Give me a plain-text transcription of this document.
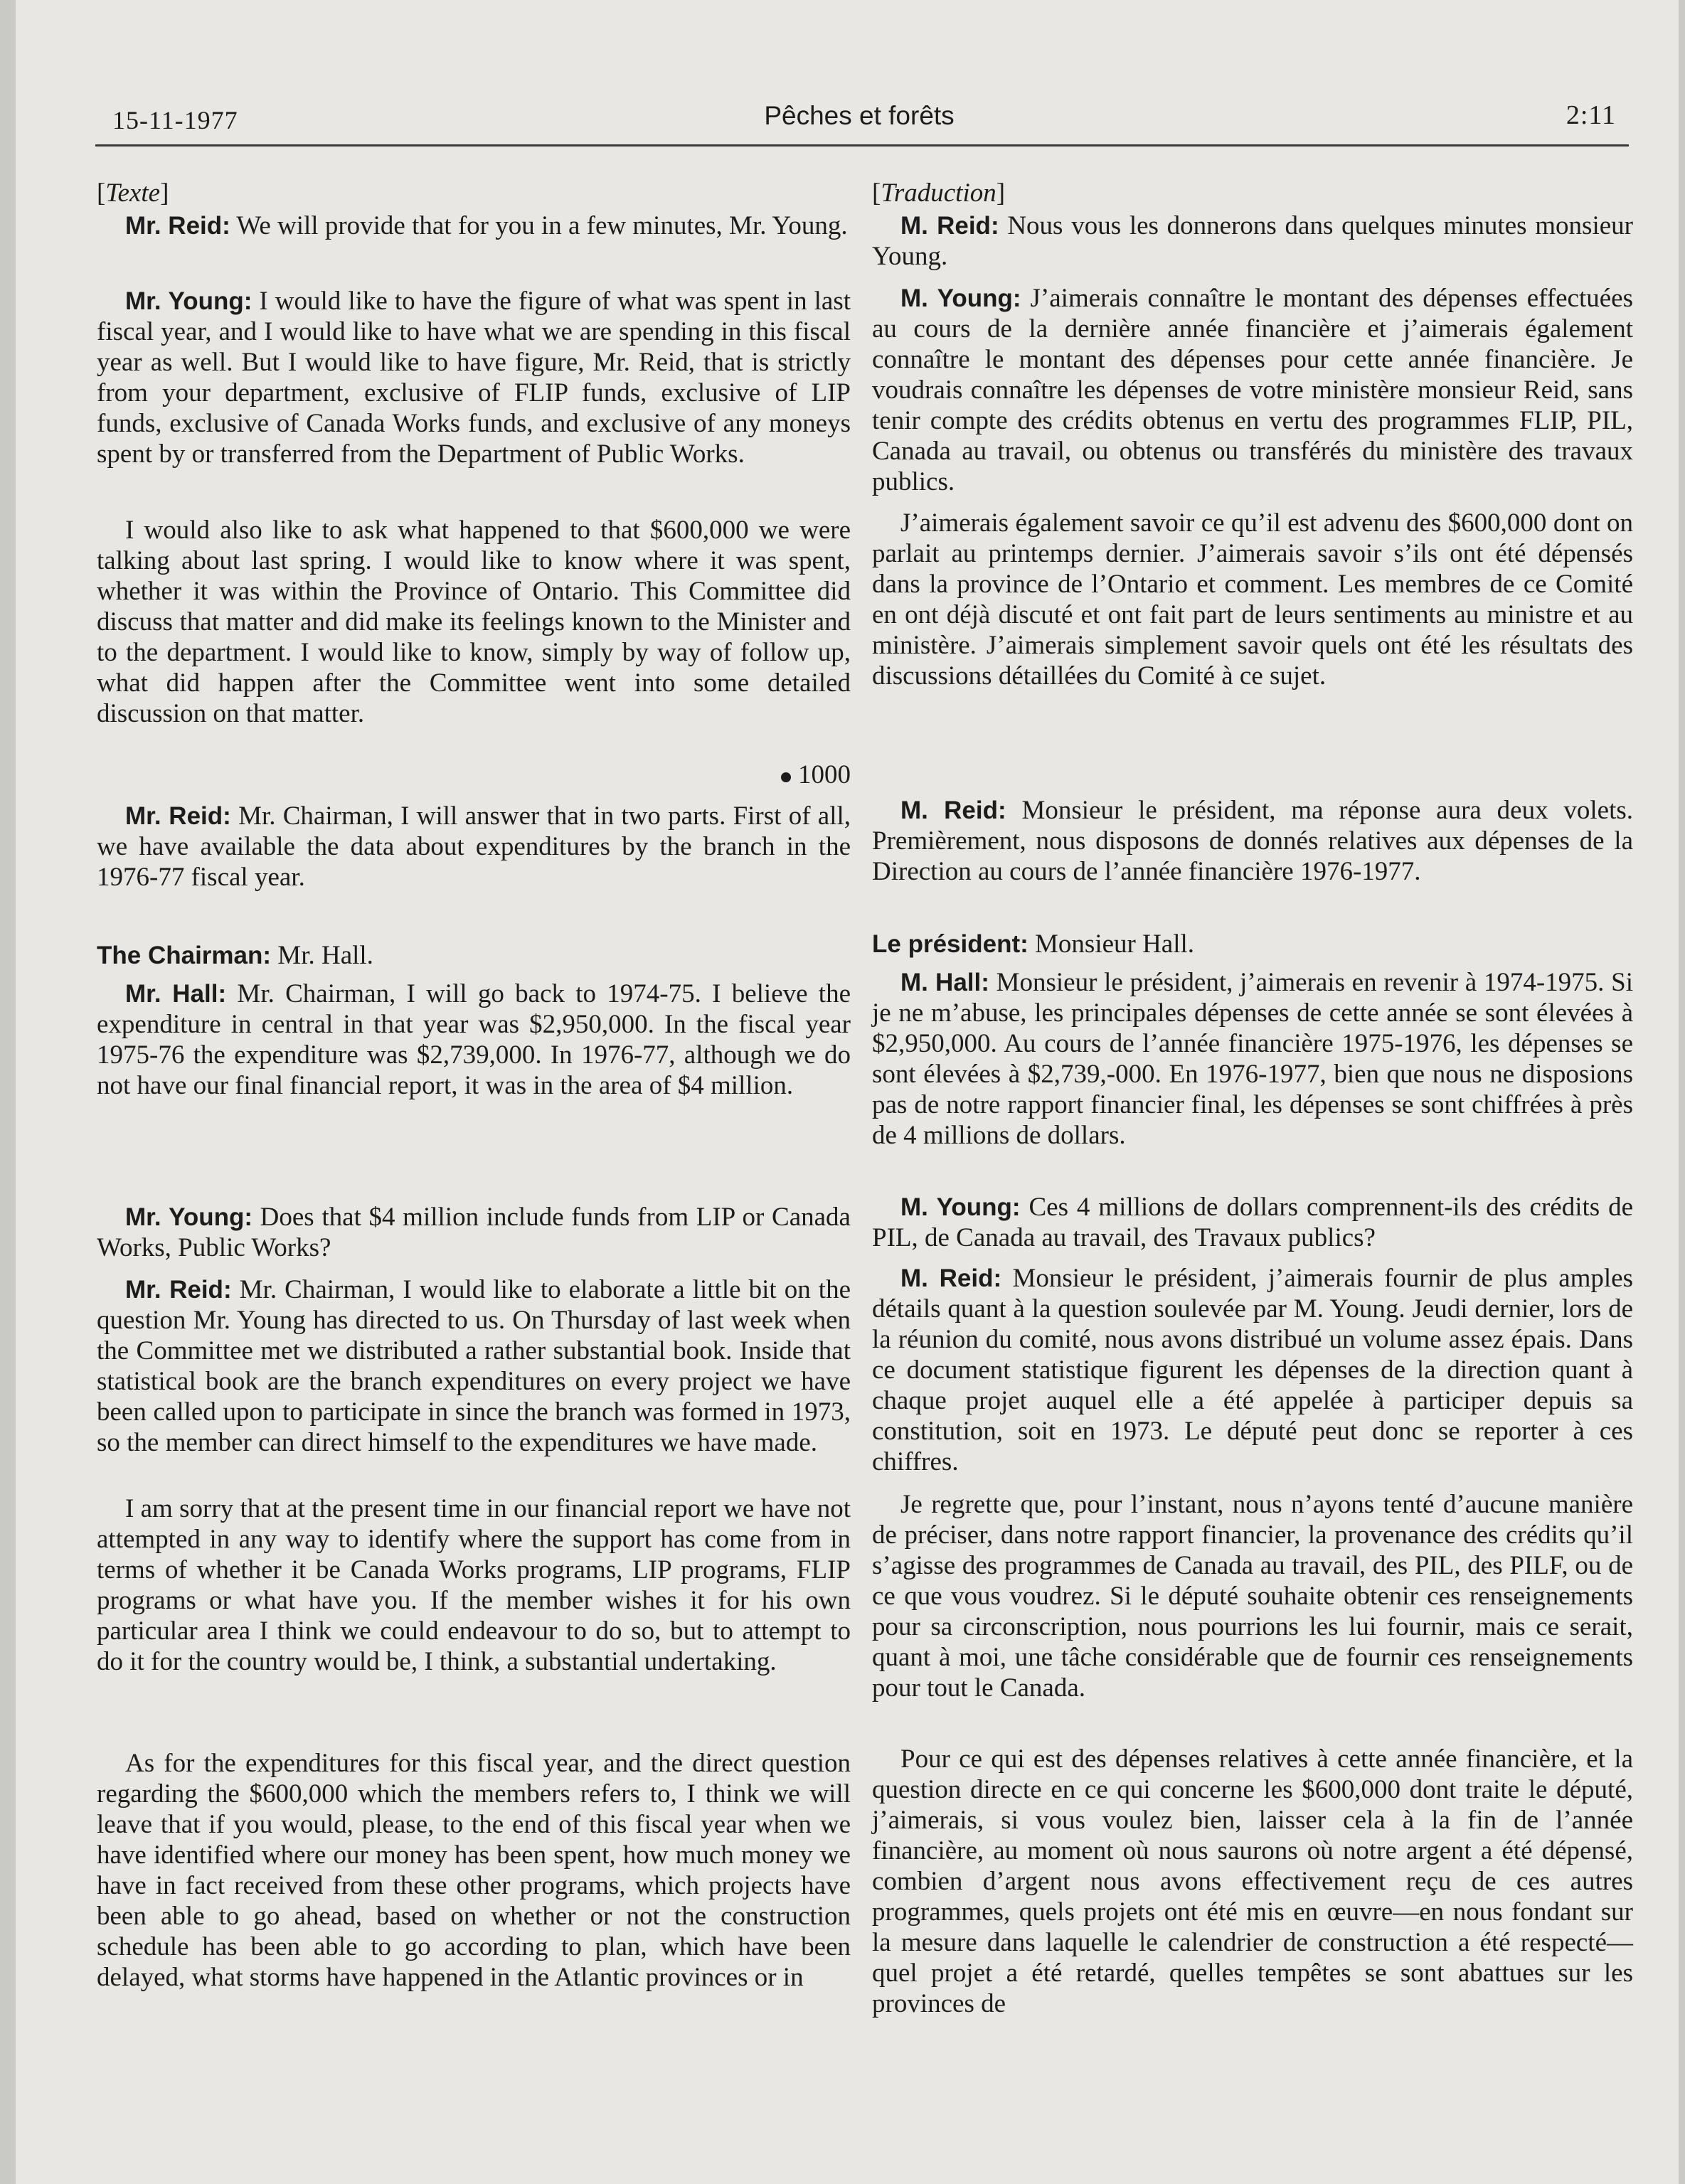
15-11-1977	Pêches et forêts	2:11

[Texte]

Mr. Reid: We will provide that for you in a few minutes, Mr. Young.

Mr. Young: I would like to have the figure of what was spent in last fiscal year, and I would like to have what we are spending in this fiscal year as well. But I would like to have figure, Mr. Reid, that is strictly from your department, exclusive of FLIP funds, exclusive of LIP funds, exclusive of Canada Works funds, and exclusive of any moneys spent by or transferred from the Department of Public Works.

I would also like to ask what happened to that $600,000 we were talking about last spring. I would like to know where it was spent, whether it was within the Province of Ontario. This Committee did discuss that matter and did make its feelings known to the Minister and to the department. I would like to know, simply by way of follow up, what did happen after the Committee went into some detailed discussion on that matter.

1000

Mr. Reid: Mr. Chairman, I will answer that in two parts. First of all, we have available the data about expenditures by the branch in the 1976-77 fiscal year.

The Chairman: Mr. Hall.

Mr. Hall: Mr. Chairman, I will go back to 1974-75. I believe the expenditure in central in that year was $2,950,000. In the fiscal year 1975-76 the expenditure was $2,739,000. In 1976-77, although we do not have our final financial report, it was in the area of $4 million.

Mr. Young: Does that $4 million include funds from LIP or Canada Works, Public Works?

Mr. Reid: Mr. Chairman, I would like to elaborate a little bit on the question Mr. Young has directed to us. On Thursday of last week when the Committee met we distributed a rather substantial book. Inside that statistical book are the branch expenditures on every project we have been called upon to participate in since the branch was formed in 1973, so the member can direct himself to the expenditures we have made.

I am sorry that at the present time in our financial report we have not attempted in any way to identify where the support has come from in terms of whether it be Canada Works programs, LIP programs, FLIP programs or what have you. If the member wishes it for his own particular area I think we could endeavour to do so, but to attempt to do it for the country would be, I think, a substantial undertaking.

As for the expenditures for this fiscal year, and the direct question regarding the $600,000 which the members refers to, I think we will leave that if you would, please, to the end of this fiscal year when we have identified where our money has been spent, how much money we have in fact received from these other programs, which projects have been able to go ahead, based on whether or not the construction schedule has been able to go according to plan, which have been delayed, what storms have happened in the Atlantic provinces or in

[Traduction]

M. Reid: Nous vous les donnerons dans quelques minutes monsieur Young.

M. Young: J’aimerais connaître le montant des dépenses effectuées au cours de la dernière année financière et j’aimerais également connaître le montant des dépenses pour cette année financière. Je voudrais connaître les dépenses de votre ministère monsieur Reid, sans tenir compte des crédits obtenus en vertu des programmes FLIP, PIL, Canada au travail, ou obtenus ou transférés du ministère des travaux publics.

J’aimerais également savoir ce qu’il est advenu des $600,000 dont on parlait au printemps dernier. J’aimerais savoir s’ils ont été dépensés dans la province de l’Ontario et comment. Les membres de ce Comité en ont déjà discuté et ont fait part de leurs sentiments au ministre et au ministère. J’aimerais simplement savoir quels ont été les résultats des discussions détaillées du Comité à ce sujet.

M. Reid: Monsieur le président, ma réponse aura deux volets. Premièrement, nous disposons de donnés relatives aux dépenses de la Direction au cours de l’année financière 1976-1977.

Le président: Monsieur Hall.

M. Hall: Monsieur le président, j’aimerais en revenir à 1974-1975. Si je ne m’abuse, les principales dépenses de cette année se sont élevées à $2,950,000. Au cours de l’année financière 1975-1976, les dépenses se sont élevées à $2,739,-000. En 1976-1977, bien que nous ne disposions pas de notre rapport financier final, les dépenses se sont chiffrées à près de 4 millions de dollars.

M. Young: Ces 4 millions de dollars comprennent-ils des crédits de PIL, de Canada au travail, des Travaux publics?

M. Reid: Monsieur le président, j’aimerais fournir de plus amples détails quant à la question soulevée par M. Young. Jeudi dernier, lors de la réunion du comité, nous avons distribué un volume assez épais. Dans ce document statistique figurent les dépenses de la direction quant à chaque projet auquel elle a été appelée à participer depuis sa constitution, soit en 1973. Le député peut donc se reporter à ces chiffres.

Je regrette que, pour l’instant, nous n’ayons tenté d’aucune manière de préciser, dans notre rapport financier, la provenance des crédits qu’il s’agisse des programmes de Canada au travail, des PIL, des PILF, ou de ce que vous voudrez. Si le député souhaite obtenir ces renseignements pour sa circonscription, nous pourrions les lui fournir, mais ce serait, quant à moi, une tâche considérable que de fournir ces renseignements pour tout le Canada.

Pour ce qui est des dépenses relatives à cette année financière, et la question directe en ce qui concerne les $600,000 dont traite le député, j’aimerais, si vous voulez bien, laisser cela à la fin de l’année financière, au moment où nous saurons où notre argent a été dépensé, combien d’argent nous avons effectivement reçu de ces autres programmes, quels projets ont été mis en œuvre—en nous fondant sur la mesure dans laquelle le calendrier de construction a été respecté—quel projet a été retardé, quelles tempêtes se sont abattues sur les provinces de
